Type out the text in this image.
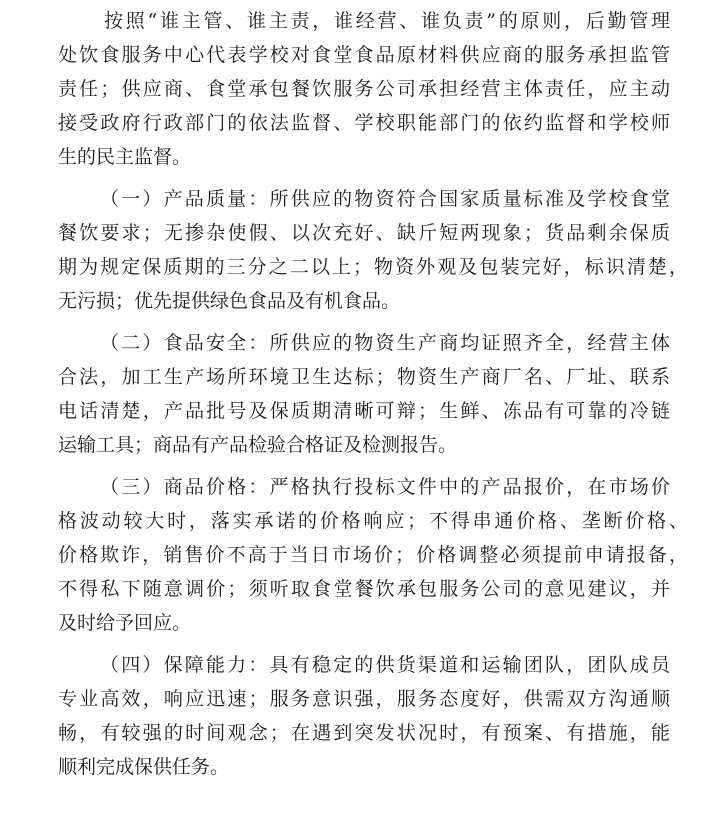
按照“谁主管、谁主责，谁经营、谁负责”的原则，后勤管理
处饮食服务中心代表学校对食堂食品原材料供应商的服务承担监管
责任；供应商、食堂承包餐饮服务公司承担经营主体责任，应主动
接受政府行政部门的依法监督、学校职能部门的依约监督和学校师
生的民主监督。
（一）产品质量：所供应的物资符合国家质量标准及学校食堂
餐饮要求；无掺杂使假、以次充好、缺斤短两现象；货品剩余保质
期为规定保质期的三分之二以上；物资外观及包装完好，标识清楚，
无污损；优先提供绿色食品及有机食品。
（二）食品安全：所供应的物资生产商均证照齐全，经营主体
合法，加工生产场所环境卫生达标；物资生产商厂名、厂址、联系
电话清楚，产品批号及保质期清晰可辩；生鲜、冻品有可靠的冷链
运输工具；商品有产品检验合格证及检测报告。
（三）商品价格：严格执行投标文件中的产品报价，在市场价
格波动较大时，落实承诺的价格响应；不得串通价格、垄断价格、
价格欺诈，销售价不高于当日市场价；价格调整必须提前申请报备，
不得私下随意调价；须听取食堂餐饮承包服务公司的意见建议，并
及时给予回应。
（四）保障能力：具有稳定的供货渠道和运输团队，团队成员
专业高效，响应迅速；服务意识强，服务态度好，供需双方沟通顺
畅，有较强的时间观念；在遇到突发状况时，有预案、有措施，能
顺利完成保供任务。
